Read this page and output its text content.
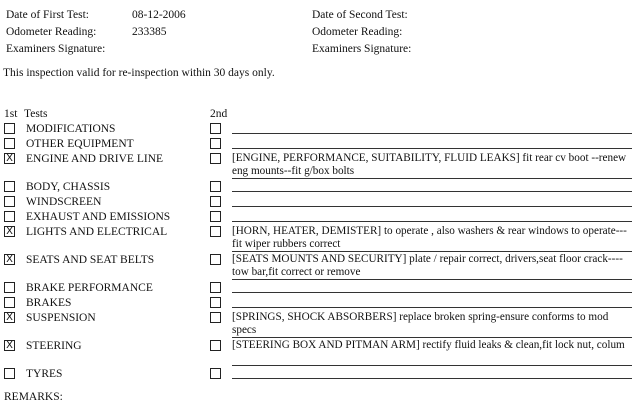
Date of First Test:	08-12-2006
Odometer Reading:	233385
Examiners Signature:
Date of Second Test:
Odometer Reading:
Examiners Signature:
This inspection valid for re-inspection within 30 days only.
1st Tests	2nd
MODIFICATIONS
OTHER EQUIPMENT
X ENGINE AND DRIVE LINE	[ENGINE, PERFORMANCE, SUITABILITY, FLUID LEAKS] fit rear cv boot --renew eng mounts--fit g/box bolts
BODY, CHASSIS
WINDSCREEN
EXHAUST AND EMISSIONS
X LIGHTS AND ELECTRICAL	[HORN, HEATER, DEMISTER] to operate , also washers & rear windows to operate---fit wiper rubbers correct
X SEATS AND SEAT BELTS	[SEATS MOUNTS AND SECURITY] plate / repair correct, drivers,seat floor crack----tow bar,fit correct or remove
BRAKE PERFORMANCE
BRAKES
X SUSPENSION	[SPRINGS, SHOCK ABSORBERS] replace broken spring-ensure conforms to mod specs
X STEERING	[STEERING BOX AND PITMAN ARM] rectify fluid leaks & clean,fit lock nut, colum
TYRES
REMARKS:
